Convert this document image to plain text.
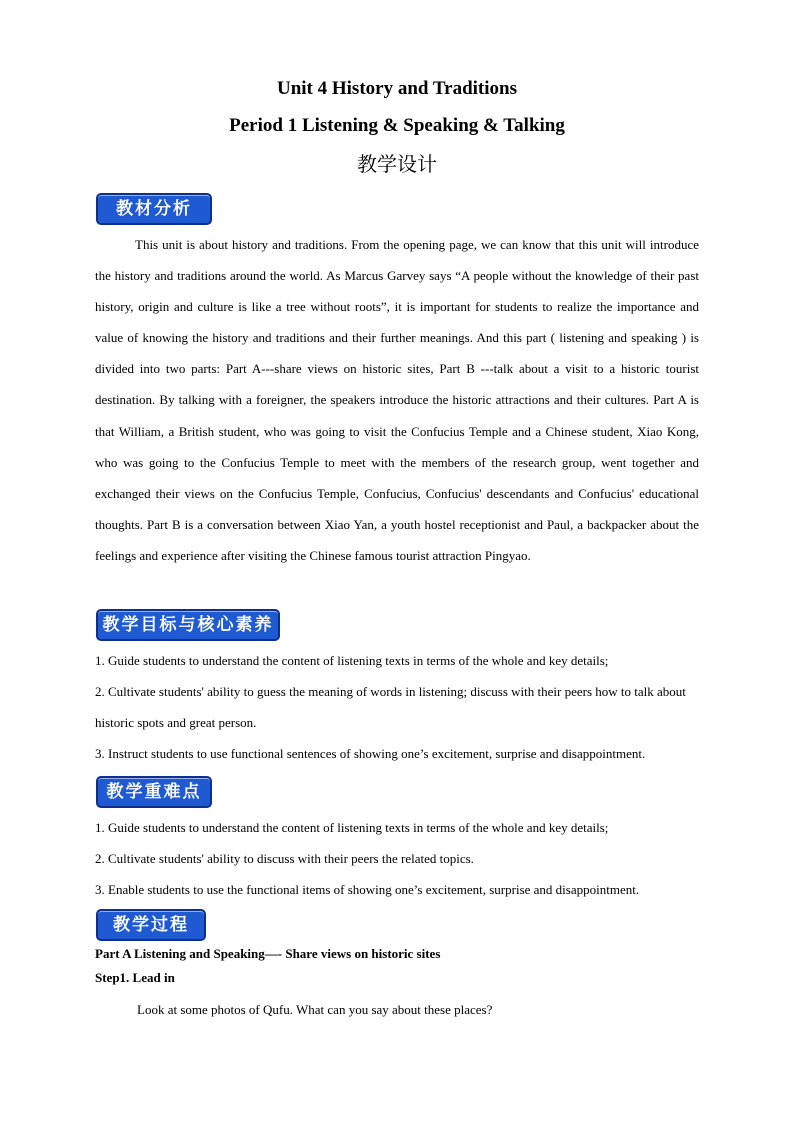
Unit 4 History and Traditions
Period 1 Listening & Speaking & Talking
教学设计
教材分析

This unit is about history and traditions. From the opening page, we can know that this unit will introduce the history and traditions around the world. As Marcus Garvey says “A people without the knowledge of their past history, origin and culture is like a tree without roots”, it is important for students to realize the importance and value of knowing the history and traditions and their further meanings. And this part ( listening and speaking ) is divided into two parts: Part A---share views on historic sites, Part B ---talk about a visit to a historic tourist destination. By talking with a foreigner, the speakers introduce the historic attractions and their cultures. Part A is that William, a British student, who was going to visit the Confucius Temple and a Chinese student, Xiao Kong, who was going to the Confucius Temple to meet with the members of the research group, went together and exchanged their views on the Confucius Temple, Confucius, Confucius' descendants and Confucius' educational thoughts. Part B is a conversation between Xiao Yan, a youth hostel receptionist and Paul, a backpacker about the feelings and experience after visiting the Chinese famous tourist attraction Pingyao.

教学目标与核心素养
1. Guide students to understand the content of listening texts in terms of the whole and key details;
2. Cultivate students' ability to guess the meaning of words in listening; discuss with their peers how to talk about historic spots and great person.
3. Instruct students to use functional sentences of showing one’s excitement, surprise and disappointment.
教学重难点
1. Guide students to understand the content of listening texts in terms of the whole and key details;
2. Cultivate students' ability to discuss with their peers the related topics.
3. Enable students to use the functional items of showing one’s excitement, surprise and disappointment.
教学过程
Part A Listening and Speaking—- Share views on historic sites
Step1. Lead in
Look at some photos of Qufu. What can you say about these places?
